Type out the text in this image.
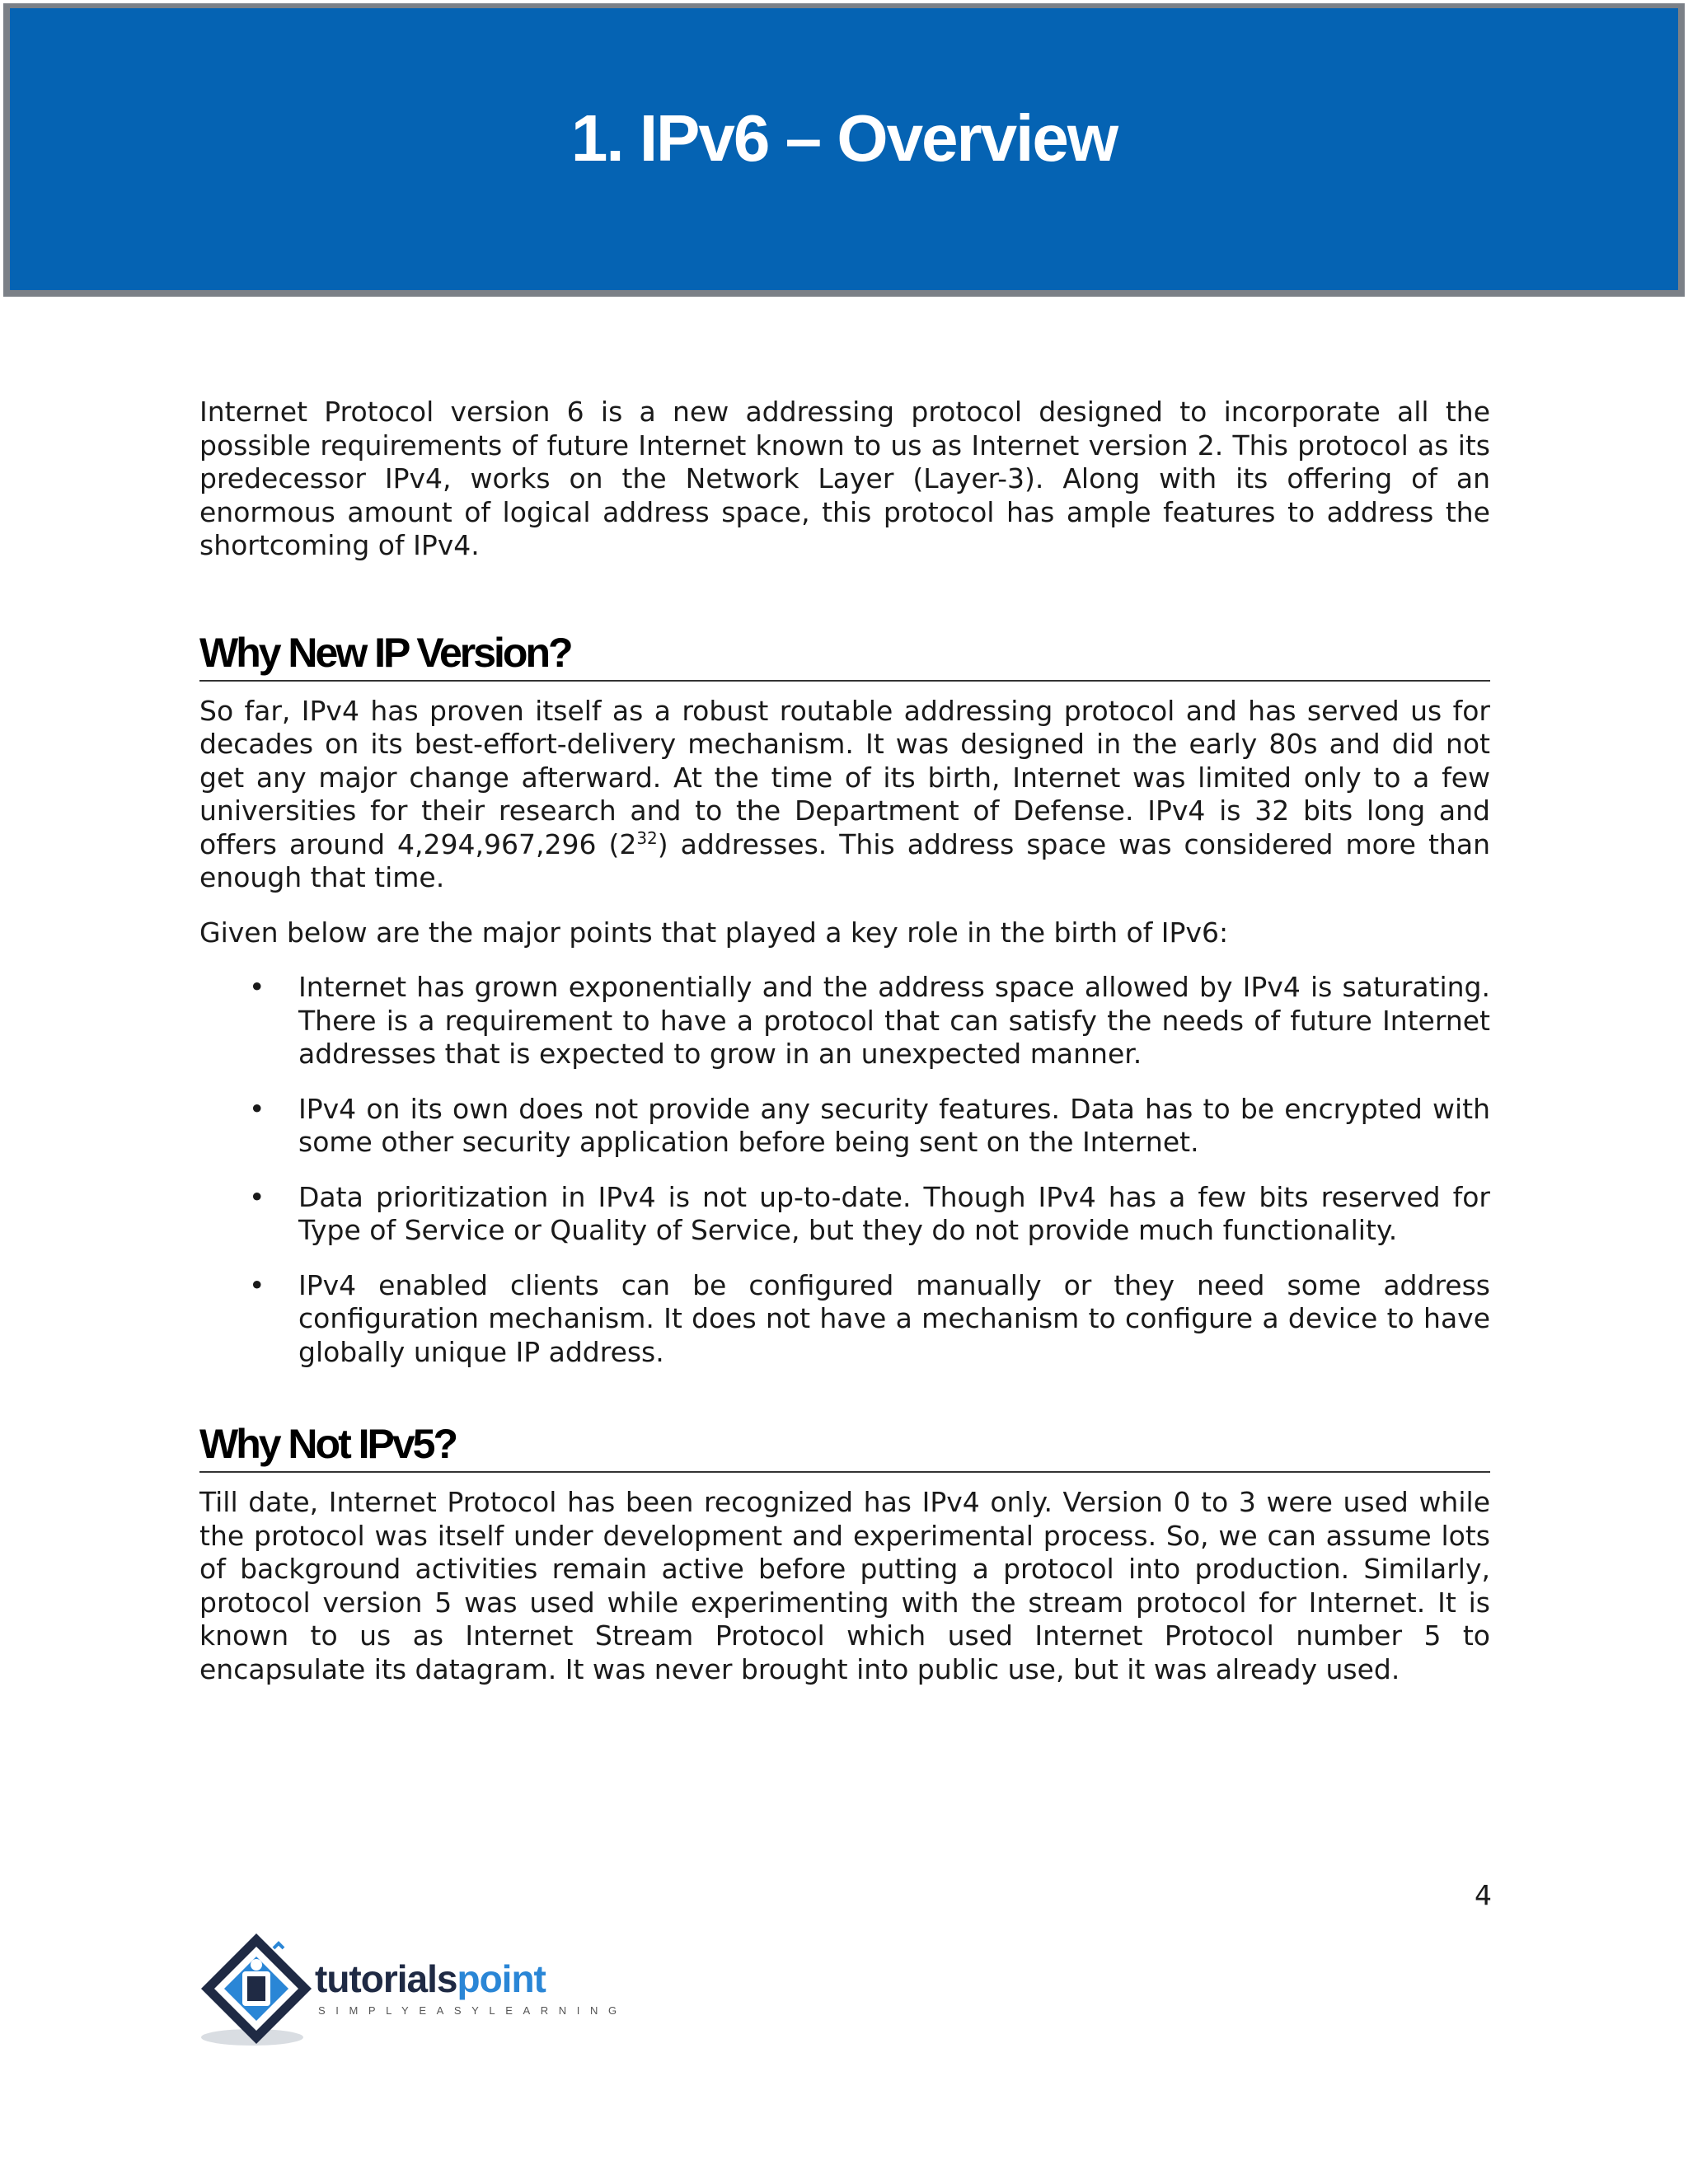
1. IPv6 – Overview

Internet Protocol version 6 is a new addressing protocol designed to incorporate all the possible requirements of future Internet known to us as Internet version 2. This protocol as its predecessor IPv4, works on the Network Layer (Layer-3). Along with its offering of an enormous amount of logical address space, this protocol has ample features to address the shortcoming of IPv4.

Why New IP Version?

So far, IPv4 has proven itself as a robust routable addressing protocol and has served us for decades on its best-effort-delivery mechanism. It was designed in the early 80s and did not get any major change afterward. At the time of its birth, Internet was limited only to a few universities for their research and to the Department of Defense. IPv4 is 32 bits long and offers around 4,294,967,296 $(2^{32})$ addresses. This address space was considered more than enough that time.

Given below are the major points that played a key role in the birth of IPv6:

• Internet has grown exponentially and the address space allowed by IPv4 is saturating. There is a requirement to have a protocol that can satisfy the needs of future Internet addresses that is expected to grow in an unexpected manner.

• IPv4 on its own does not provide any security features. Data has to be encrypted with some other security application before being sent on the Internet.

• Data prioritization in IPv4 is not up-to-date. Though IPv4 has a few bits reserved for Type of Service or Quality of Service, but they do not provide much functionality.

• IPv4 enabled clients can be configured manually or they need some address configuration mechanism. It does not have a mechanism to configure a device to have globally unique IP address.

Why Not IPv5?

Till date, Internet Protocol has been recognized has IPv4 only. Version 0 to 3 were used while the protocol was itself under development and experimental process. So, we can assume lots of background activities remain active before putting a protocol into production. Similarly, protocol version 5 was used while experimenting with the stream protocol for Internet. It is known to us as Internet Stream Protocol which used Internet Protocol number 5 to encapsulate its datagram. It was never brought into public use, but it was already used.

4
tutorialspoint
SIMPLYEASYLEARNING
